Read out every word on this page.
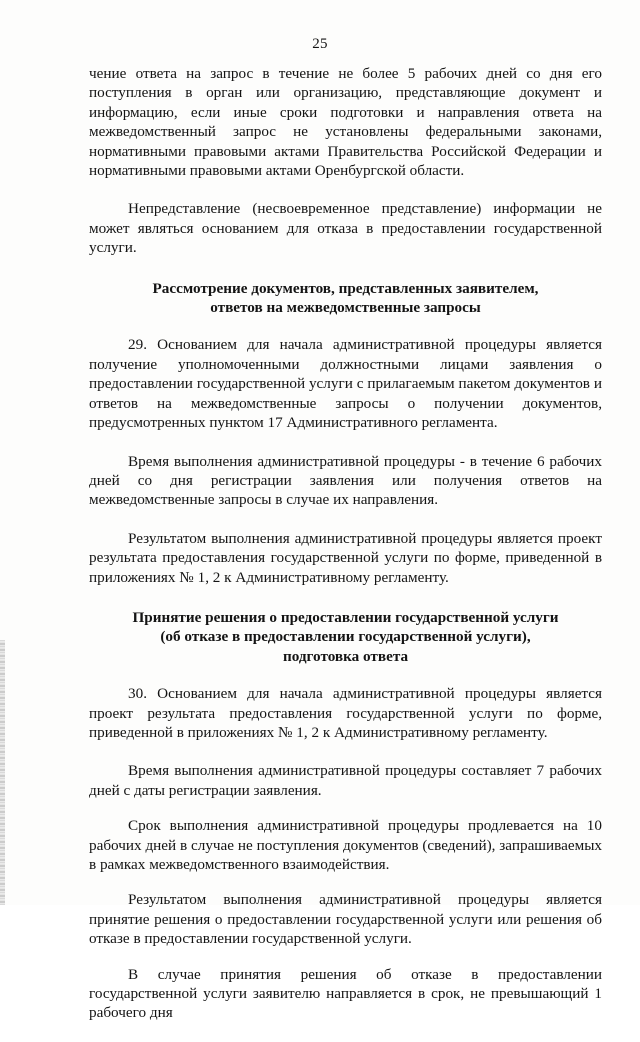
25

чение ответа на запрос в течение не более 5 рабочих дней со дня его поступления в орган или организацию, представляющие документ и информацию, если иные сроки подготовки и направления ответа на межведомственный запрос не установлены федеральными законами, нормативными правовыми актами Правительства Российской Федерации и нормативными правовыми актами Оренбургской области.

Непредставление (несвоевременное представление) информации не может являться основанием для отказа в предоставлении государственной услуги.

Рассмотрение документов, представленных заявителем,
ответов на межведомственные запросы

29. Основанием для начала административной процедуры является получение уполномоченными должностными лицами заявления о предоставлении государственной услуги с прилагаемым пакетом документов и ответов на межведомственные запросы о получении документов, предусмотренных пунктом 17 Административного регламента.

Время выполнения административной процедуры - в течение 6 рабочих дней со дня регистрации заявления или получения ответов на межведомственные запросы в случае их направления.

Результатом выполнения административной процедуры является проект результата предоставления государственной услуги по форме, приведенной в приложениях № 1, 2 к Административному регламенту.

Принятие решения о предоставлении государственной услуги
(об отказе в предоставлении государственной услуги),
подготовка ответа

30. Основанием для начала административной процедуры является проект результата предоставления государственной услуги по форме, приведенной в приложениях № 1, 2 к Административному регламенту.

Время выполнения административной процедуры составляет 7 рабочих дней с даты регистрации заявления.

Срок выполнения административной процедуры продлевается на 10 рабочих дней в случае не поступления документов (сведений), запрашиваемых в рамках межведомственного взаимодействия.

Результатом выполнения административной процедуры является принятие решения о предоставлении государственной услуги или решения об отказе в предоставлении государственной услуги.

В случае принятия решения об отказе в предоставлении государственной услуги заявителю направляется в срок, не превышающий 1 рабочего дня
